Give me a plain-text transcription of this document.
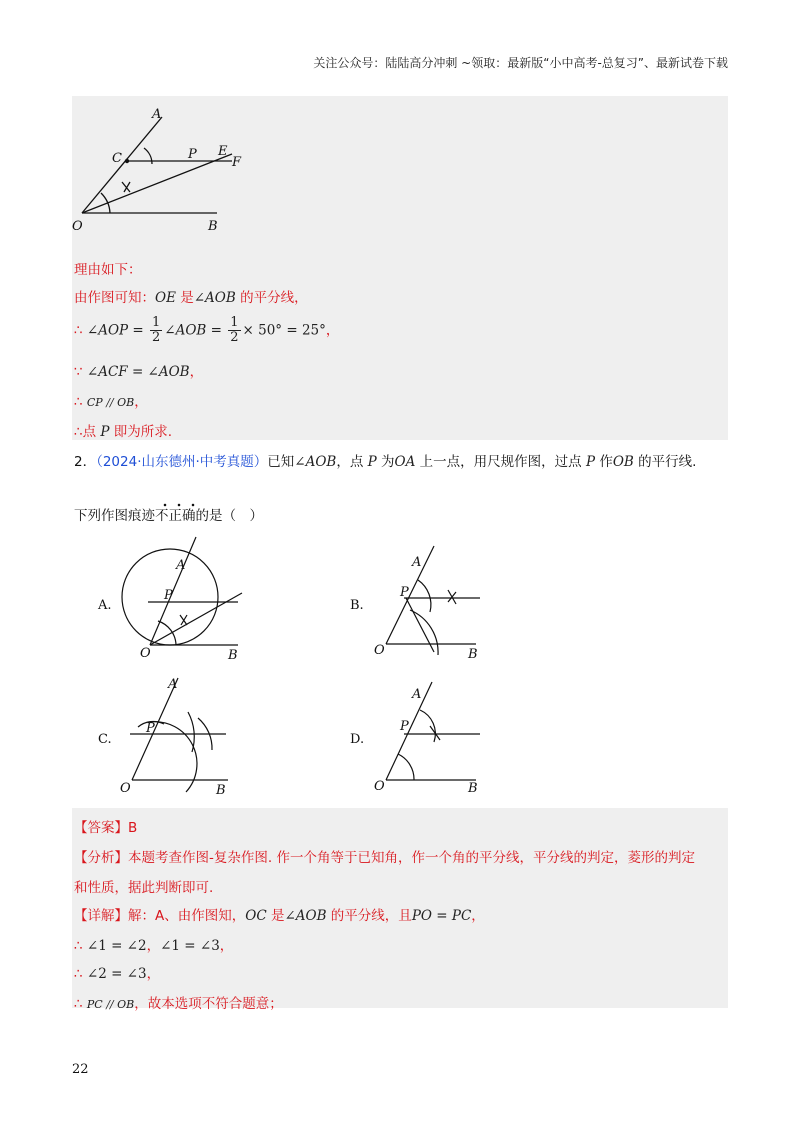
关注公众号：陆陆高分冲刺 ~领取：最新版“小中高考-总复习”、最新试卷下载
A
C	P E
F
O	B
理由如下：
由作图可知：OE 是∠AOB 的平分线，
∴ ∠AOP = $\frac{1}{2}$ ∠AOB = $\frac{1}{2} \times 50^\circ = 25^\circ$，
∵ ∠ACF = ∠AOB，
∴ CP // OB，
∴点 P 即为所求.
2．（2024·山东德州·中考真题）已知∠AOB，点 P 为OA 上一点，用尺规作图，过点 P 作OB 的平行线.
下列作图痕迹不正确的是（　）
A.
A
P
O	B
B.
A
P
O	B
C.
A
P
O	B
D.
A
P
O	B
【答案】B
【分析】本题考查作图-复杂作图. 作一个角等于已知角，作一个角的平分线，平分线的判定，菱形的判定
和性质，据此判断即可.
【详解】解：A、由作图知，OC 是∠AOB 的平分线，且PO = PC，
∴ ∠1 = ∠2，∠1 = ∠3，
∴ ∠2 = ∠3，
∴ PC // OB，故本选项不符合题意；
22
